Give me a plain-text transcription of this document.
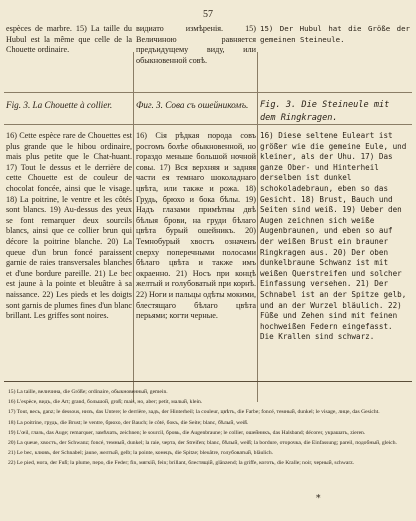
57
espèces de marbre. 15) La taille du Hubul est la même que celle de la Chouette ordinaire.
Fig. 3. La Chouette à collier.
16) Cette espèce rare de Chouettes est plus grande que le hibou ordinaire, mais plus petite que le Chat-huant. 17) Tout le dessus et le derrière de cette Chouette est de couleur de chocolat foncée, ainsi que le visage. 18) La poitrine, le ventre et les côtés sont blancs. 19) Au-dessus des yeux se font remarquer deux sourcils blancs, ainsi que ce collier brun qui décore la poitrine blanche. 20) La queue d'un brun foncé paraissent garnie de raies transversales blanches et d'une bordure pareille. 21) Le bec est jaune à la pointe et bleuâtre à sa naissance. 22) Les pieds et les doigts sont garnis de plumes fines d'un blanc brillant. Les griffes sont noires.
видиато измѣренія. 15) Величиною равняется предъидущему виду, или обыкновенной совѣ.
Фиг. 3. Сова съ ошейникомъ.
16) Сія рѣдкая порода совъ росгомъ болѣе обыкновенной, но гораздо меньше большой ночной совы. 17) Вся верхняя и задняя части ея темнаго шоколаднаго цвѣта, или также и рожа. 18) Грудь, брюхо и бока бѣлы. 19) Надъ глазами примѣтны двѣ бѣлыя брови, на груди бѣлаго цвѣта бурый ошейникъ. 20) Темнобурый хвостъ означенъ сверху поперечными полосами бѣлаго цвѣта и также имъ окраенно. 21) Носъ при концѣ желтый и голубоватый при корнѣ. 22) Ноги и пальцы одѣты мокими, блестящаго бѣлаго цвѣта перьями; когти черные.
15) Der Hubul hat die Größe der gemeinen Steineule.
Fig. 3. Die Steineule mit dem Ringkragen.
16) Diese seltene Euleart ist größer wie die gemeine Eule, und kleiner, als der Uhu. 17) Das ganze Ober- und Hinterheil derselben ist dunkel schokoladebraun, eben so das Gesicht. 18) Brust, Bauch und Seiten sind weiß. 19) Ueber den Augen zeichnen sich weiße Augenbraunen, und eben so auf der weißen Brust ein brauner Ringkragen aus. 20) Der oben dunkelbraune Schwanz ist mit weißen Querstreifen und solcher Einfassung versehen. 21) Der Schnabel ist an der Spitze gelb, und an der Wurzel bläulich. 22) Füße und Zehen sind mit feinen hochweißen Federn eingefasst. Die Krallen sind schwarz.
15) La taille, величина, die Größe; ordinaire, обыкновенный, gemein.
16) L'espèce, видъ, die Art; grand, большой, groß; mais, но, aber; petit, малый, klein.
17) Tout, весь, ganz; le dessous, низъ, das Untere; le derrière, задъ, der Hinterheil; la couleur, цвѣтъ, die Farbe; foncé, темный, dunkel; le visage, лице, das Gesicht.
18) La poitrine, грудь, die Brust; le ventre, брюхо, der Bauch; le côté, бокъ, die Seite; blanc, бѣлый, weiß.
19) L'œil, глазъ, das Auge; remarquer, замѣчать, zeichnen; le sourcil, бровь, die Augenbraune; le collier, ошейникъ, das Halsband; décorer, украшать, zieren.
20) La queue, хвостъ, der Schwanz; foncé, темный, dunkel; la raie, черта, der Streifen; blanc, бѣлый, weiß; la bordure, оторочка, die Einfassung; pareil, подобный, gleich.
21) Le bec, клювъ, der Schnabel; jaune, желтый, gelb; la pointe, конецъ, die Spitze; bleuâtre, голубоватый, bläulich.
22) Le pied, нога, der Fuß; la plume, перо, die Feder; fin, мягкій, fein; brillant, блестящій, glänzend; la griffe, коготь, die Kralle; noir, черный, schwarz.
*
